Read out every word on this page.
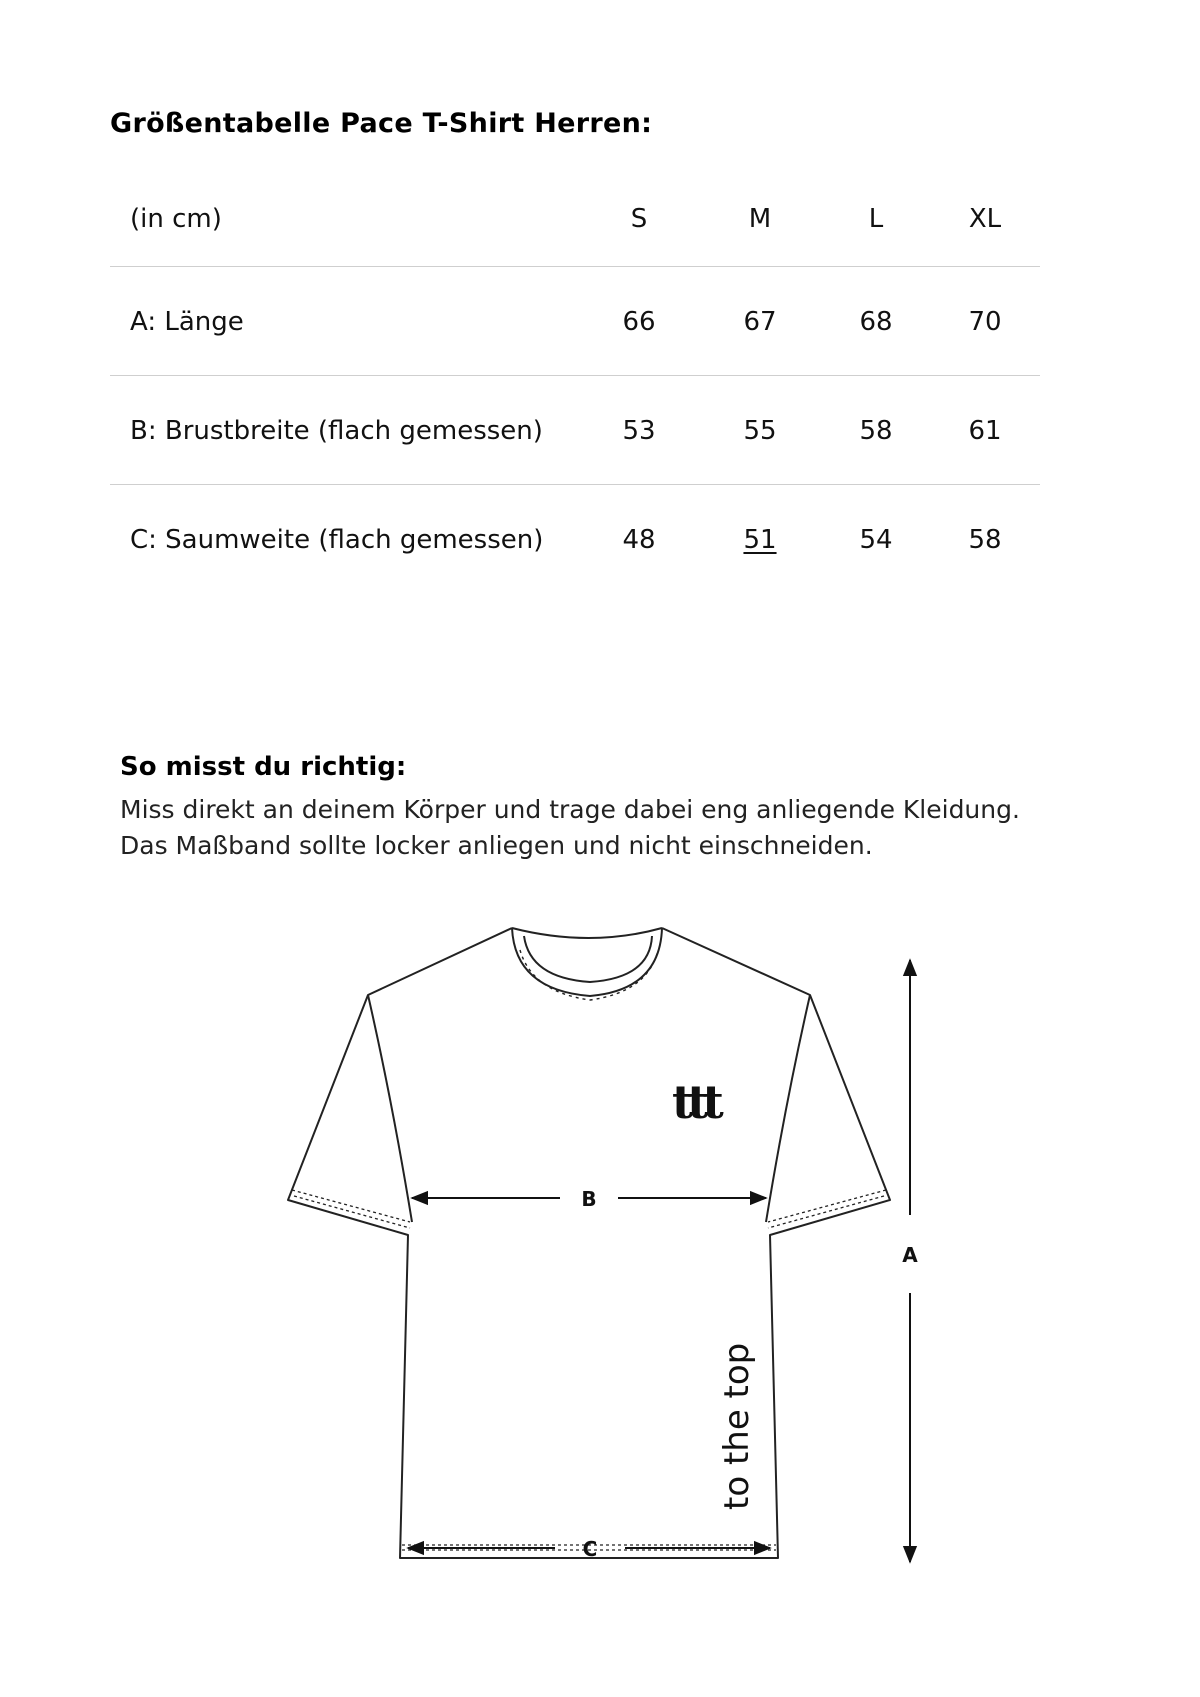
Größentabelle Pace T-Shirt Herren:
(in cm)	S	M	L	XL
A: Länge	66	67	68	70
B: Brustbreite (flach gemessen)	53	55	58	61
C: Saumweite (flach gemessen)	48	51	54	58
So misst du richtig:
Miss direkt an deinem Körper und trage dabei eng anliegende Kleidung.
Das Maßband sollte locker anliegen und nicht einschneiden.
ttt
to the top
B
C
A
